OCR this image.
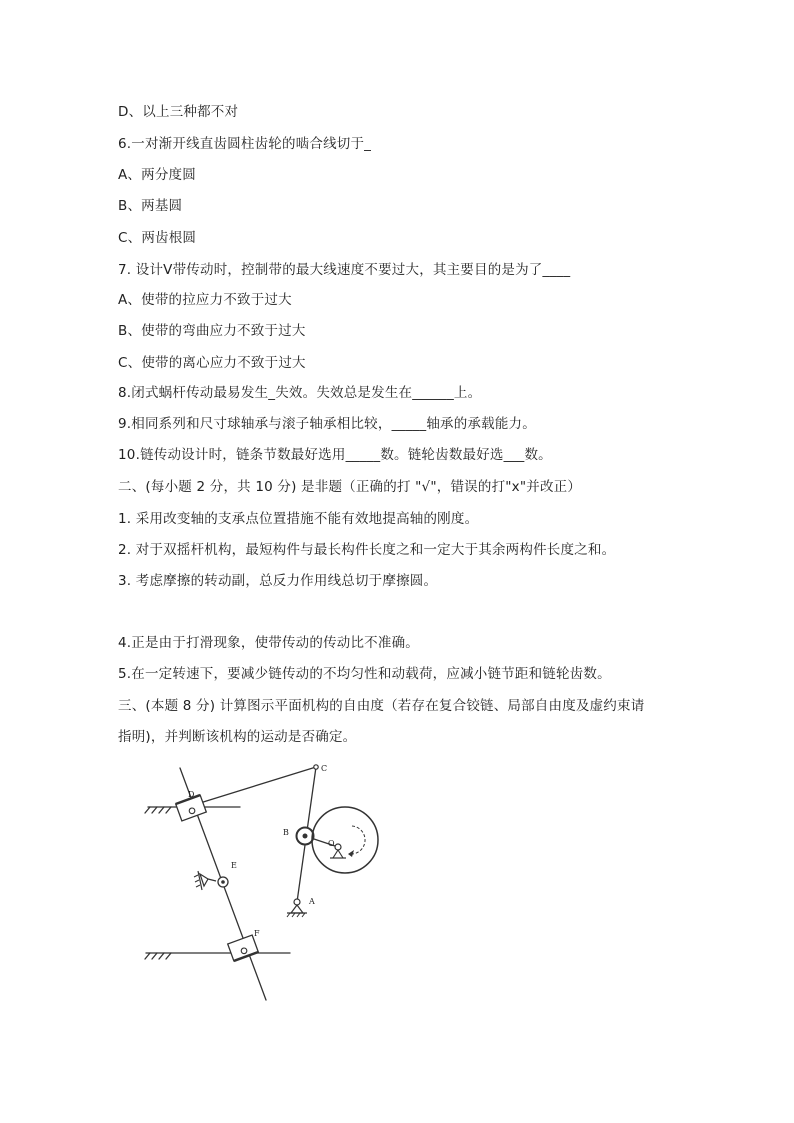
D、以上三种都不对
6.一对渐开线直齿圆柱齿轮的啮合线切于_
A、两分度圆
B、两基圆
C、两齿根圆
7. 设计V带传动时，控制带的最大线速度不要过大，其主要目的是为了____
A、使带的拉应力不致于过大
B、使带的弯曲应力不致于过大
C、使带的离心应力不致于过大
8.闭式蜗杆传动最易发生_失效。失效总是发生在______上。
9.相同系列和尺寸球轴承与滚子轴承相比较，_____轴承的承载能力。
10.链传动设计时，链条节数最好选用_____数。链轮齿数最好选___数。
二、(每小题 2 分，共 10 分) 是非题（正确的打 "√"，错误的打"x"并改正）
1. 采用改变轴的支承点位置措施不能有效地提高轴的刚度。
2. 对于双摇杆机构，最短构件与最长构件长度之和一定大于其余两构件长度之和。
3. 考虑摩擦的转动副，总反力作用线总切于摩擦圆。
4.正是由于打滑现象，使带传动的传动比不准确。
5.在一定转速下，要减少链传动的不均匀性和动载荷，应减小链节距和链轮齿数。
三、(本题 8 分) 计算图示平面机构的自由度（若存在复合铰链、局部自由度及虚约束请
指明)，并判断该机构的运动是否确定。
C
D
B
O
E
A
F
